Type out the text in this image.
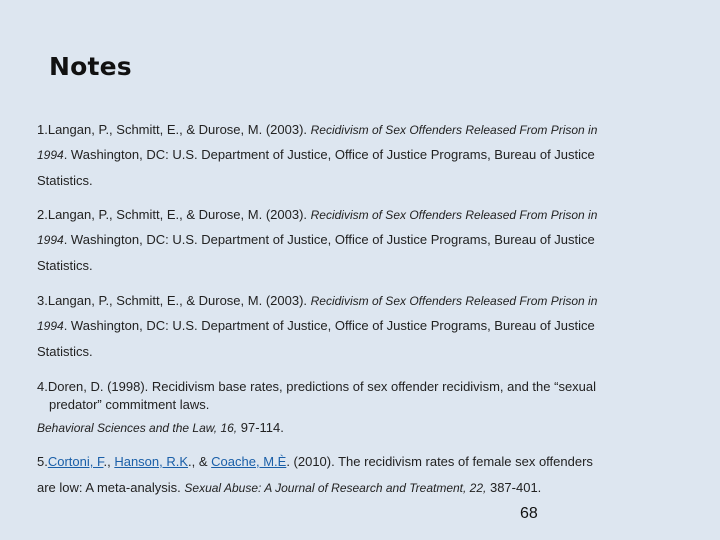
Notes
1.Langan, P., Schmitt, E., & Durose, M. (2003). Recidivism of Sex Offenders Released From Prison in
1994. Washington, DC: U.S. Department of Justice, Office of Justice Programs, Bureau of Justice
Statistics.
2.Langan, P., Schmitt, E., & Durose, M. (2003). Recidivism of Sex Offenders Released From Prison in
1994. Washington, DC: U.S. Department of Justice, Office of Justice Programs, Bureau of Justice
Statistics.
3.Langan, P., Schmitt, E., & Durose, M. (2003). Recidivism of Sex Offenders Released From Prison in
1994. Washington, DC: U.S. Department of Justice, Office of Justice Programs, Bureau of Justice
Statistics.
4.Doren, D. (1998). Recidivism base rates, predictions of sex offender recidivism, and the “sexual
predator” commitment laws.
Behavioral Sciences and the Law, 16, 97-114.
5.Cortoni, F., Hanson, R.K., & Coache, M.È. (2010). The recidivism rates of female sex offenders
are low: A meta-analysis. Sexual Abuse: A Journal of Research and Treatment, 22, 387-401.
68
